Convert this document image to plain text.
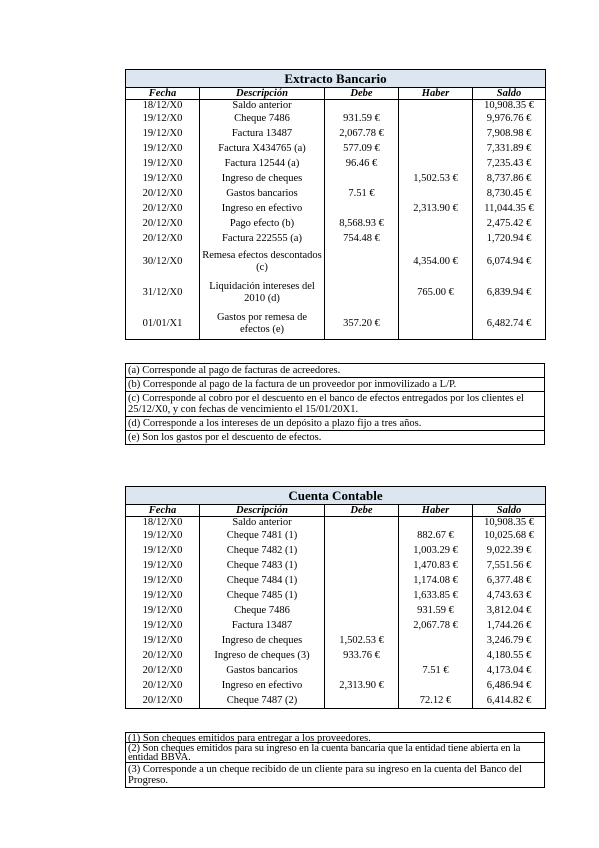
Extracto Bancario				
Fecha	Descripción	Debe	Haber	Saldo
18/12/X0	Saldo anterior			10,908.35 €
19/12/X0	Cheque 7486	931.59 €		9,976.76 €
19/12/X0	Factura 13487	2,067.78 €		7,908.98 €
19/12/X0	Factura X434765 (a)	577.09 €		7,331.89 €
19/12/X0	Factura 12544 (a)	96.46 €		7,235.43 €
19/12/X0	Ingreso de cheques		1,502.53 €	8,737.86 €
20/12/X0	Gastos bancarios	7.51 €		8,730.45 €
20/12/X0	Ingreso en efectivo		2,313.90 €	11,044.35 €
20/12/X0	Pago efecto (b)	8,568.93 €		2,475.42 €
20/12/X0	Factura 222555 (a)	754.48 €		1,720.94 €
30/12/X0	Remesa efectos descontados (c)		4,354.00 €	6,074.94 €
31/12/X0	Liquidación intereses del 2010 (d)		765.00 €	6,839.94 €
01/01/X1	Gastos por remesa de efectos (e)	357.20 €		6,482.74 €
(a) Corresponde al pago de facturas de acreedores.
(b) Corresponde al pago de la factura de un proveedor por inmovilizado a L/P.
(c) Corresponde al cobro por el descuento en el banco de efectos entregados por los clientes el 25/12/X0, y con fechas de vencimiento el 15/01/20X1.
(d) Corresponde a los intereses de un depósito a plazo fijo a tres años.
(e) Son los gastos por el descuento de efectos.
Cuenta Contable				
Fecha	Descripción	Debe	Haber	Saldo
18/12/X0	Saldo anterior			10,908.35 €
19/12/X0	Cheque 7481 (1)		882.67 €	10,025.68 €
19/12/X0	Cheque 7482 (1)		1,003.29 €	9,022.39 €
19/12/X0	Cheque 7483 (1)		1,470.83 €	7,551.56 €
19/12/X0	Cheque 7484 (1)		1,174.08 €	6,377.48 €
19/12/X0	Cheque 7485 (1)		1,633.85 €	4,743.63 €
19/12/X0	Cheque 7486		931.59 €	3,812.04 €
19/12/X0	Factura 13487		2,067.78 €	1,744.26 €
19/12/X0	Ingreso de cheques	1,502.53 €		3,246.79 €
20/12/X0	Ingreso de cheques (3)	933.76 €		4,180.55 €
20/12/X0	Gastos bancarios		7.51 €	4,173.04 €
20/12/X0	Ingreso en efectivo	2,313.90 €		6,486.94 €
20/12/X0	Cheque 7487 (2)		72.12 €	6,414.82 €
(1) Son cheques emitidos para entregar a los proveedores.
(2) Son cheques emitidos para su ingreso en la cuenta bancaria que la entidad tiene abierta en la entidad BBVA.
(3) Corresponde a un cheque recibido de un cliente para su ingreso en la cuenta del Banco del Progreso.
